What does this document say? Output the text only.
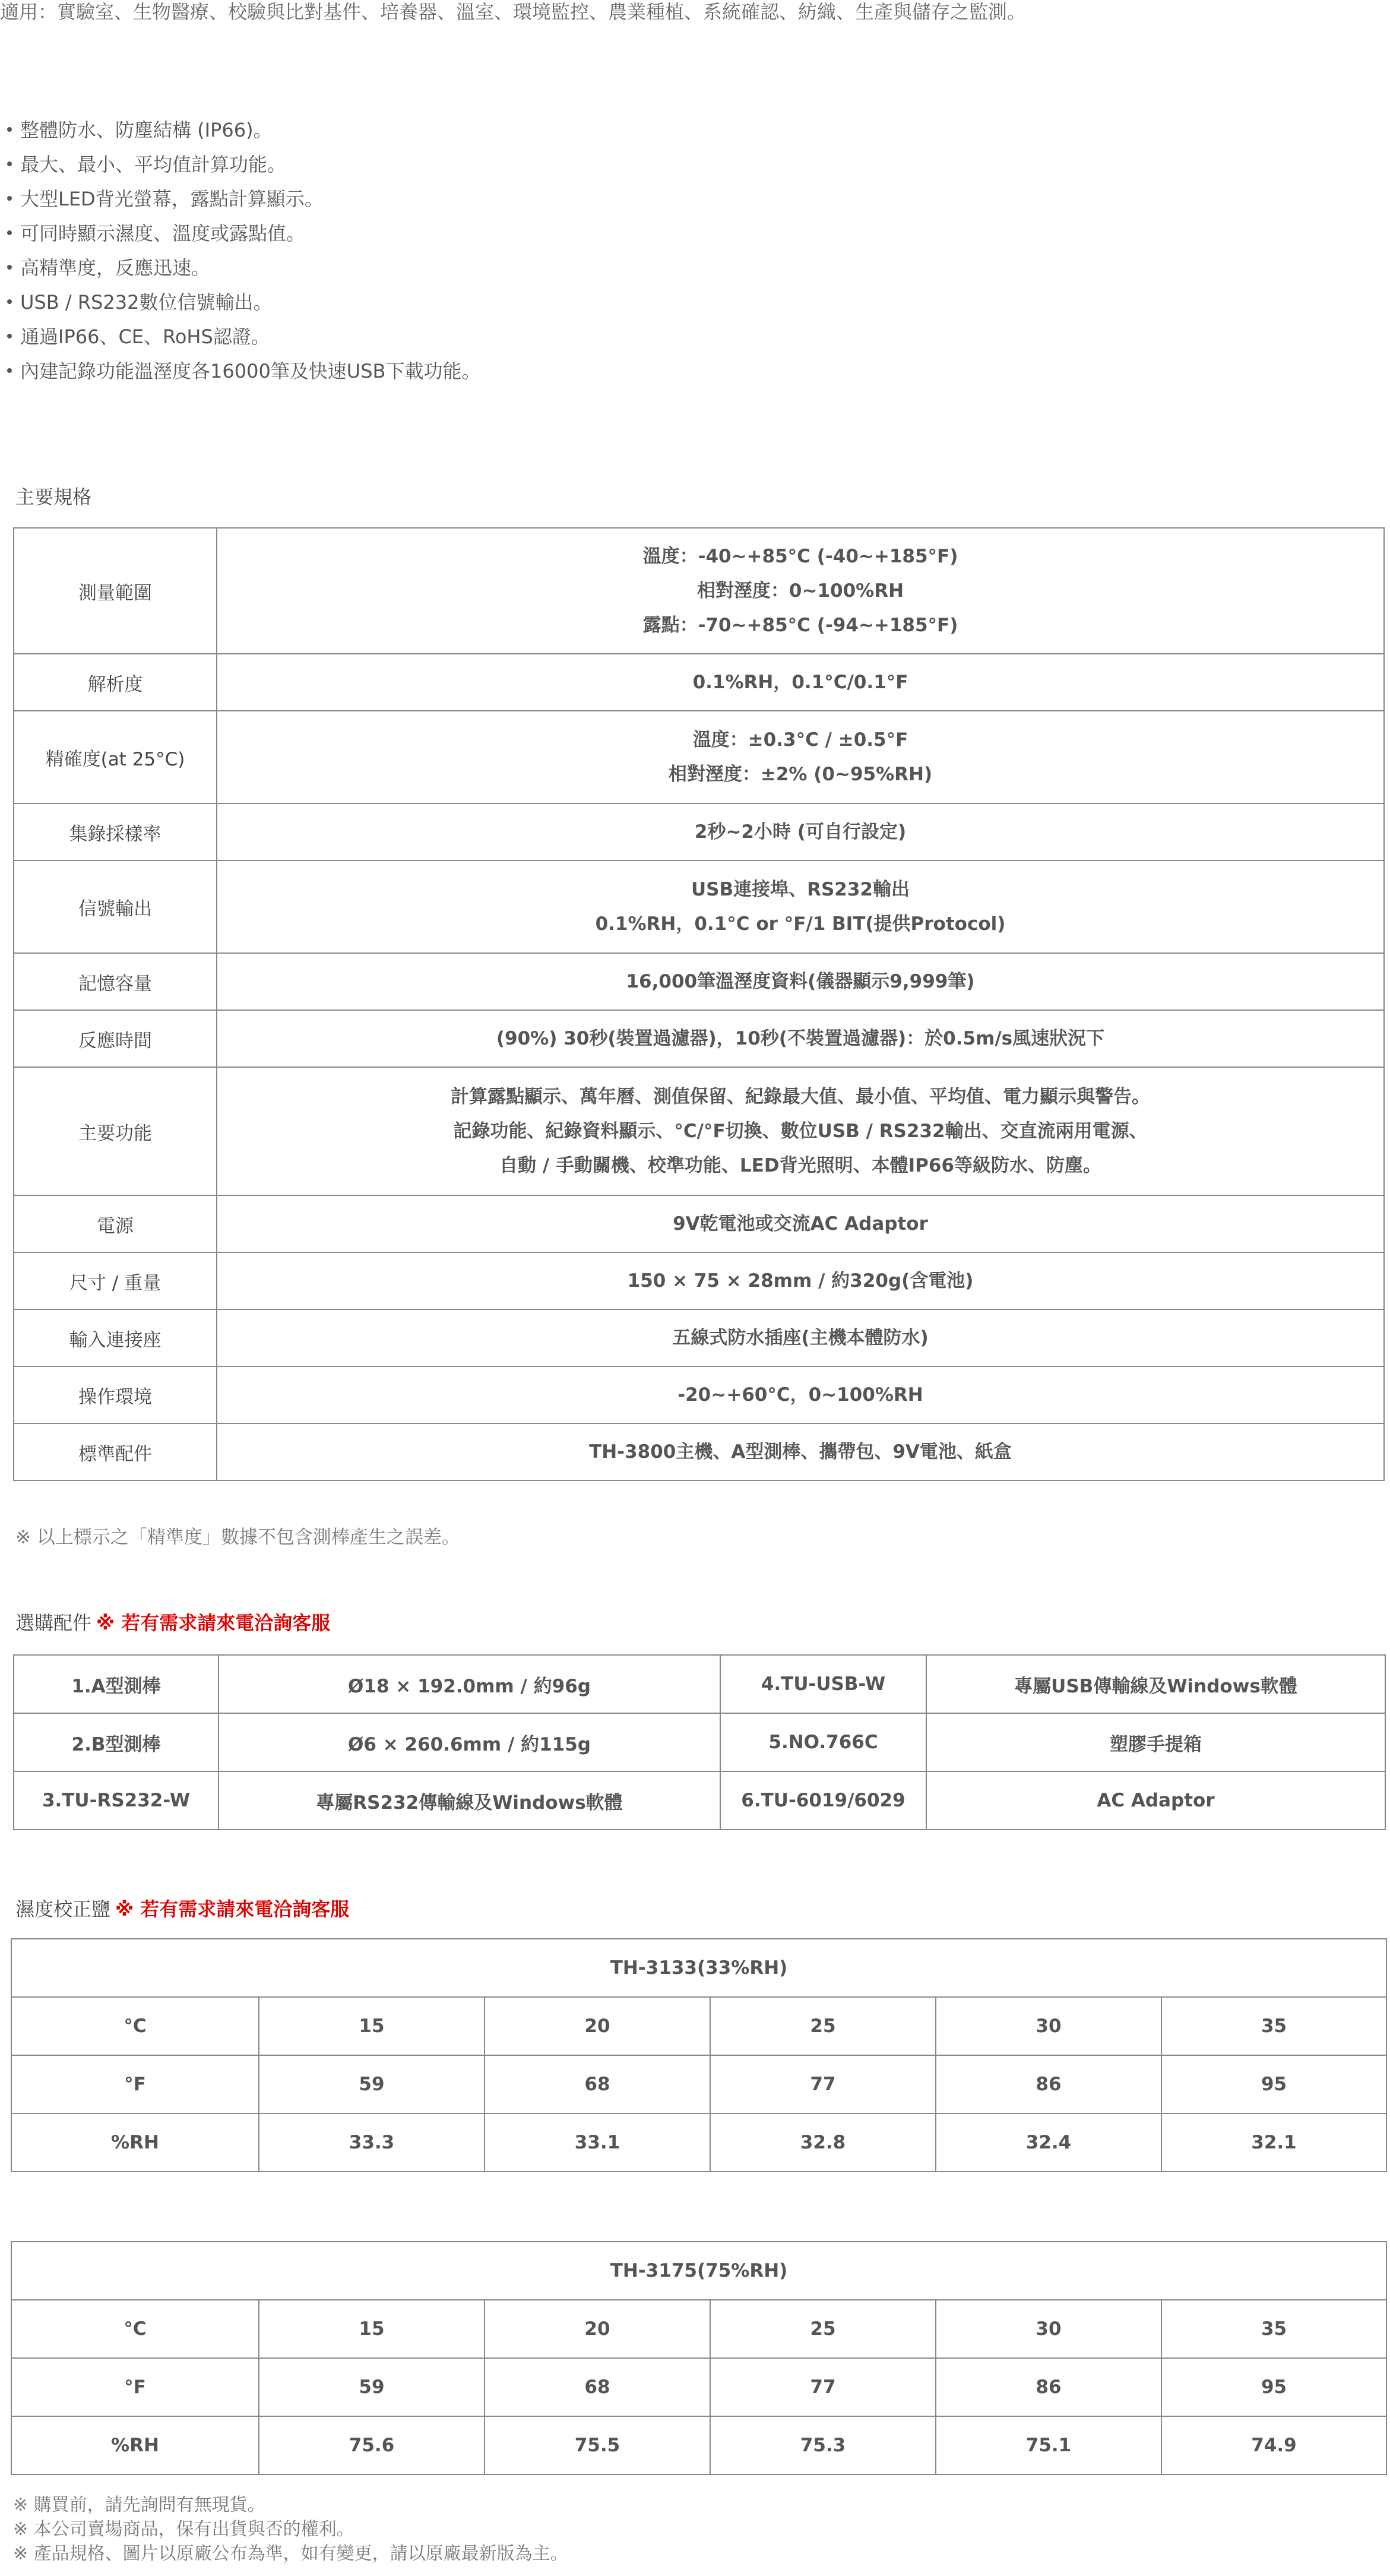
適用：實驗室、生物醫療、校驗與比對基件、培養器、溫室、環境監控、農業種植、系統確認、紡織、生產與儲存之監測。
整體防水、防塵結構 (IP66)。
最大、最小、平均值計算功能。
大型LED背光螢幕，露點計算顯示。
可同時顯示濕度、溫度或露點值。
高精準度，反應迅速。
USB / RS232數位信號輸出。
通過IP66、CE、RoHS認證。
內建記錄功能溫溼度各16000筆及快速USB下載功能。
主要規格
測量範圍	溫度：-40~+85°C (-40~+185°F)
相對溼度：0~100%RH
露點：-70~+85°C (-94~+185°F)

解析度	0.1%RH，0.1°C/0.1°F

精確度(at 25°C)	溫度：±0.3°C / ±0.5°F
相對溼度：±2% (0~95%RH)

集錄採樣率	2秒~2小時 (可自行設定)

信號輸出	USB連接埠、RS232輸出
0.1%RH，0.1°C or °F/1 BIT(提供Protocol)

記憶容量	16,000筆溫溼度資料(儀器顯示9,999筆)

反應時間	(90%) 30秒(裝置過濾器)，10秒(不裝置過濾器)：於0.5m/s風速狀況下

主要功能	計算露點顯示、萬年曆、測值保留、紀錄最大值、最小值、平均值、電力顯示與警告。
記錄功能、紀錄資料顯示、°C/°F切換、數位USB / RS232輸出、交直流兩用電源、
自動 / 手動關機、校準功能、LED背光照明、本體IP66等級防水、防塵。

電源	9V乾電池或交流AC Adaptor

尺寸 / 重量	150 × 75 × 28mm / 約320g(含電池)

輸入連接座	五線式防水插座(主機本體防水)

操作環境	-20~+60°C，0~100%RH

標準配件	TH-3800主機、A型測棒、攜帶包、9V電池、紙盒
※ 以上標示之「精準度」數據不包含測棒產生之誤差。
選購配件 ※ 若有需求請來電洽詢客服
1.A型測棒	Ø18 × 192.0mm / 約96g	4.TU-USB-W	專屬USB傳輸線及Windows軟體
2.B型測棒	Ø6 × 260.6mm / 約115g	5.NO.766C	塑膠手提箱
3.TU-RS232-W	專屬RS232傳輸線及Windows軟體	6.TU-6019/6029	AC Adaptor
濕度校正鹽 ※ 若有需求請來電洽詢客服
TH-3133(33%RH)					
°C	15	20	25	30	35
°F	59	68	77	86	95
%RH	33.3	33.1	32.8	32.4	32.1
TH-3175(75%RH)					
°C	15	20	25	30	35
°F	59	68	77	86	95
%RH	75.6	75.5	75.3	75.1	74.9
※ 購買前，請先詢問有無現貨。
※ 本公司賣場商品，保有出貨與否的權利。
※ 產品規格、圖片以原廠公布為準，如有變更，請以原廠最新版為主。
